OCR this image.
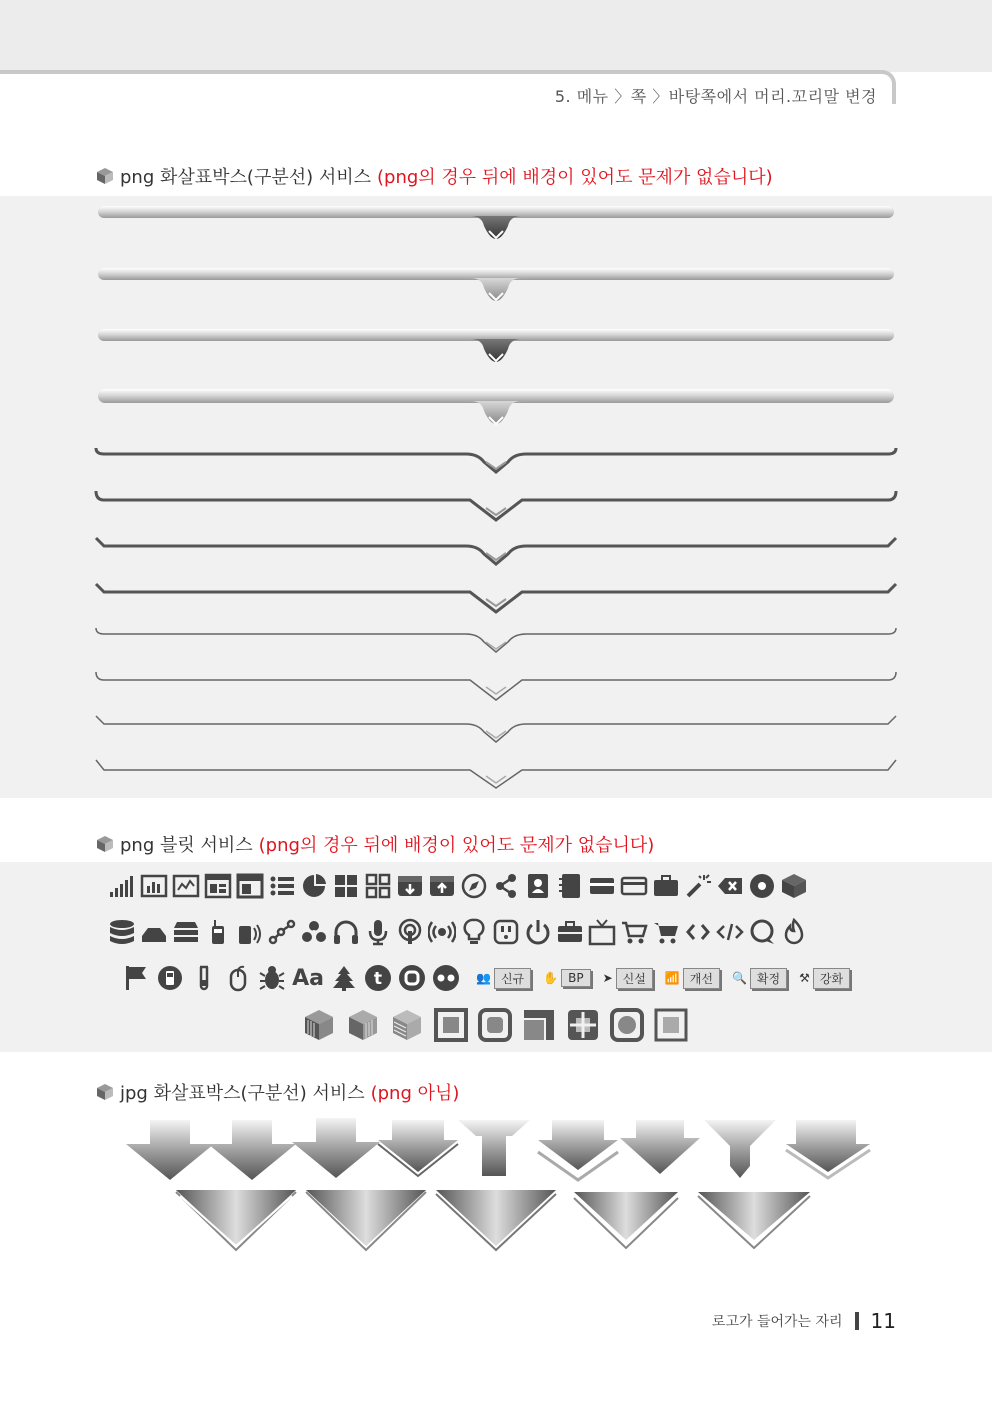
5. 메뉴 〉쪽 〉바탕쪽에서 머리.꼬리말 변경
png 화살표박스(구분선) 서비스 (png의 경우 뒤에 배경이 있어도 문제가 없습니다)
png 블릿 서비스 (png의 경우 뒤에 배경이 있어도 문제가 없습니다)
Aa	t	👥 신규	✋ BP	➤ 신설	📶 개선	🔍 확정	⚒ 강화
jpg 화살표박스(구분선) 서비스 (png 아님)
로고가 들어가는 자리 11
